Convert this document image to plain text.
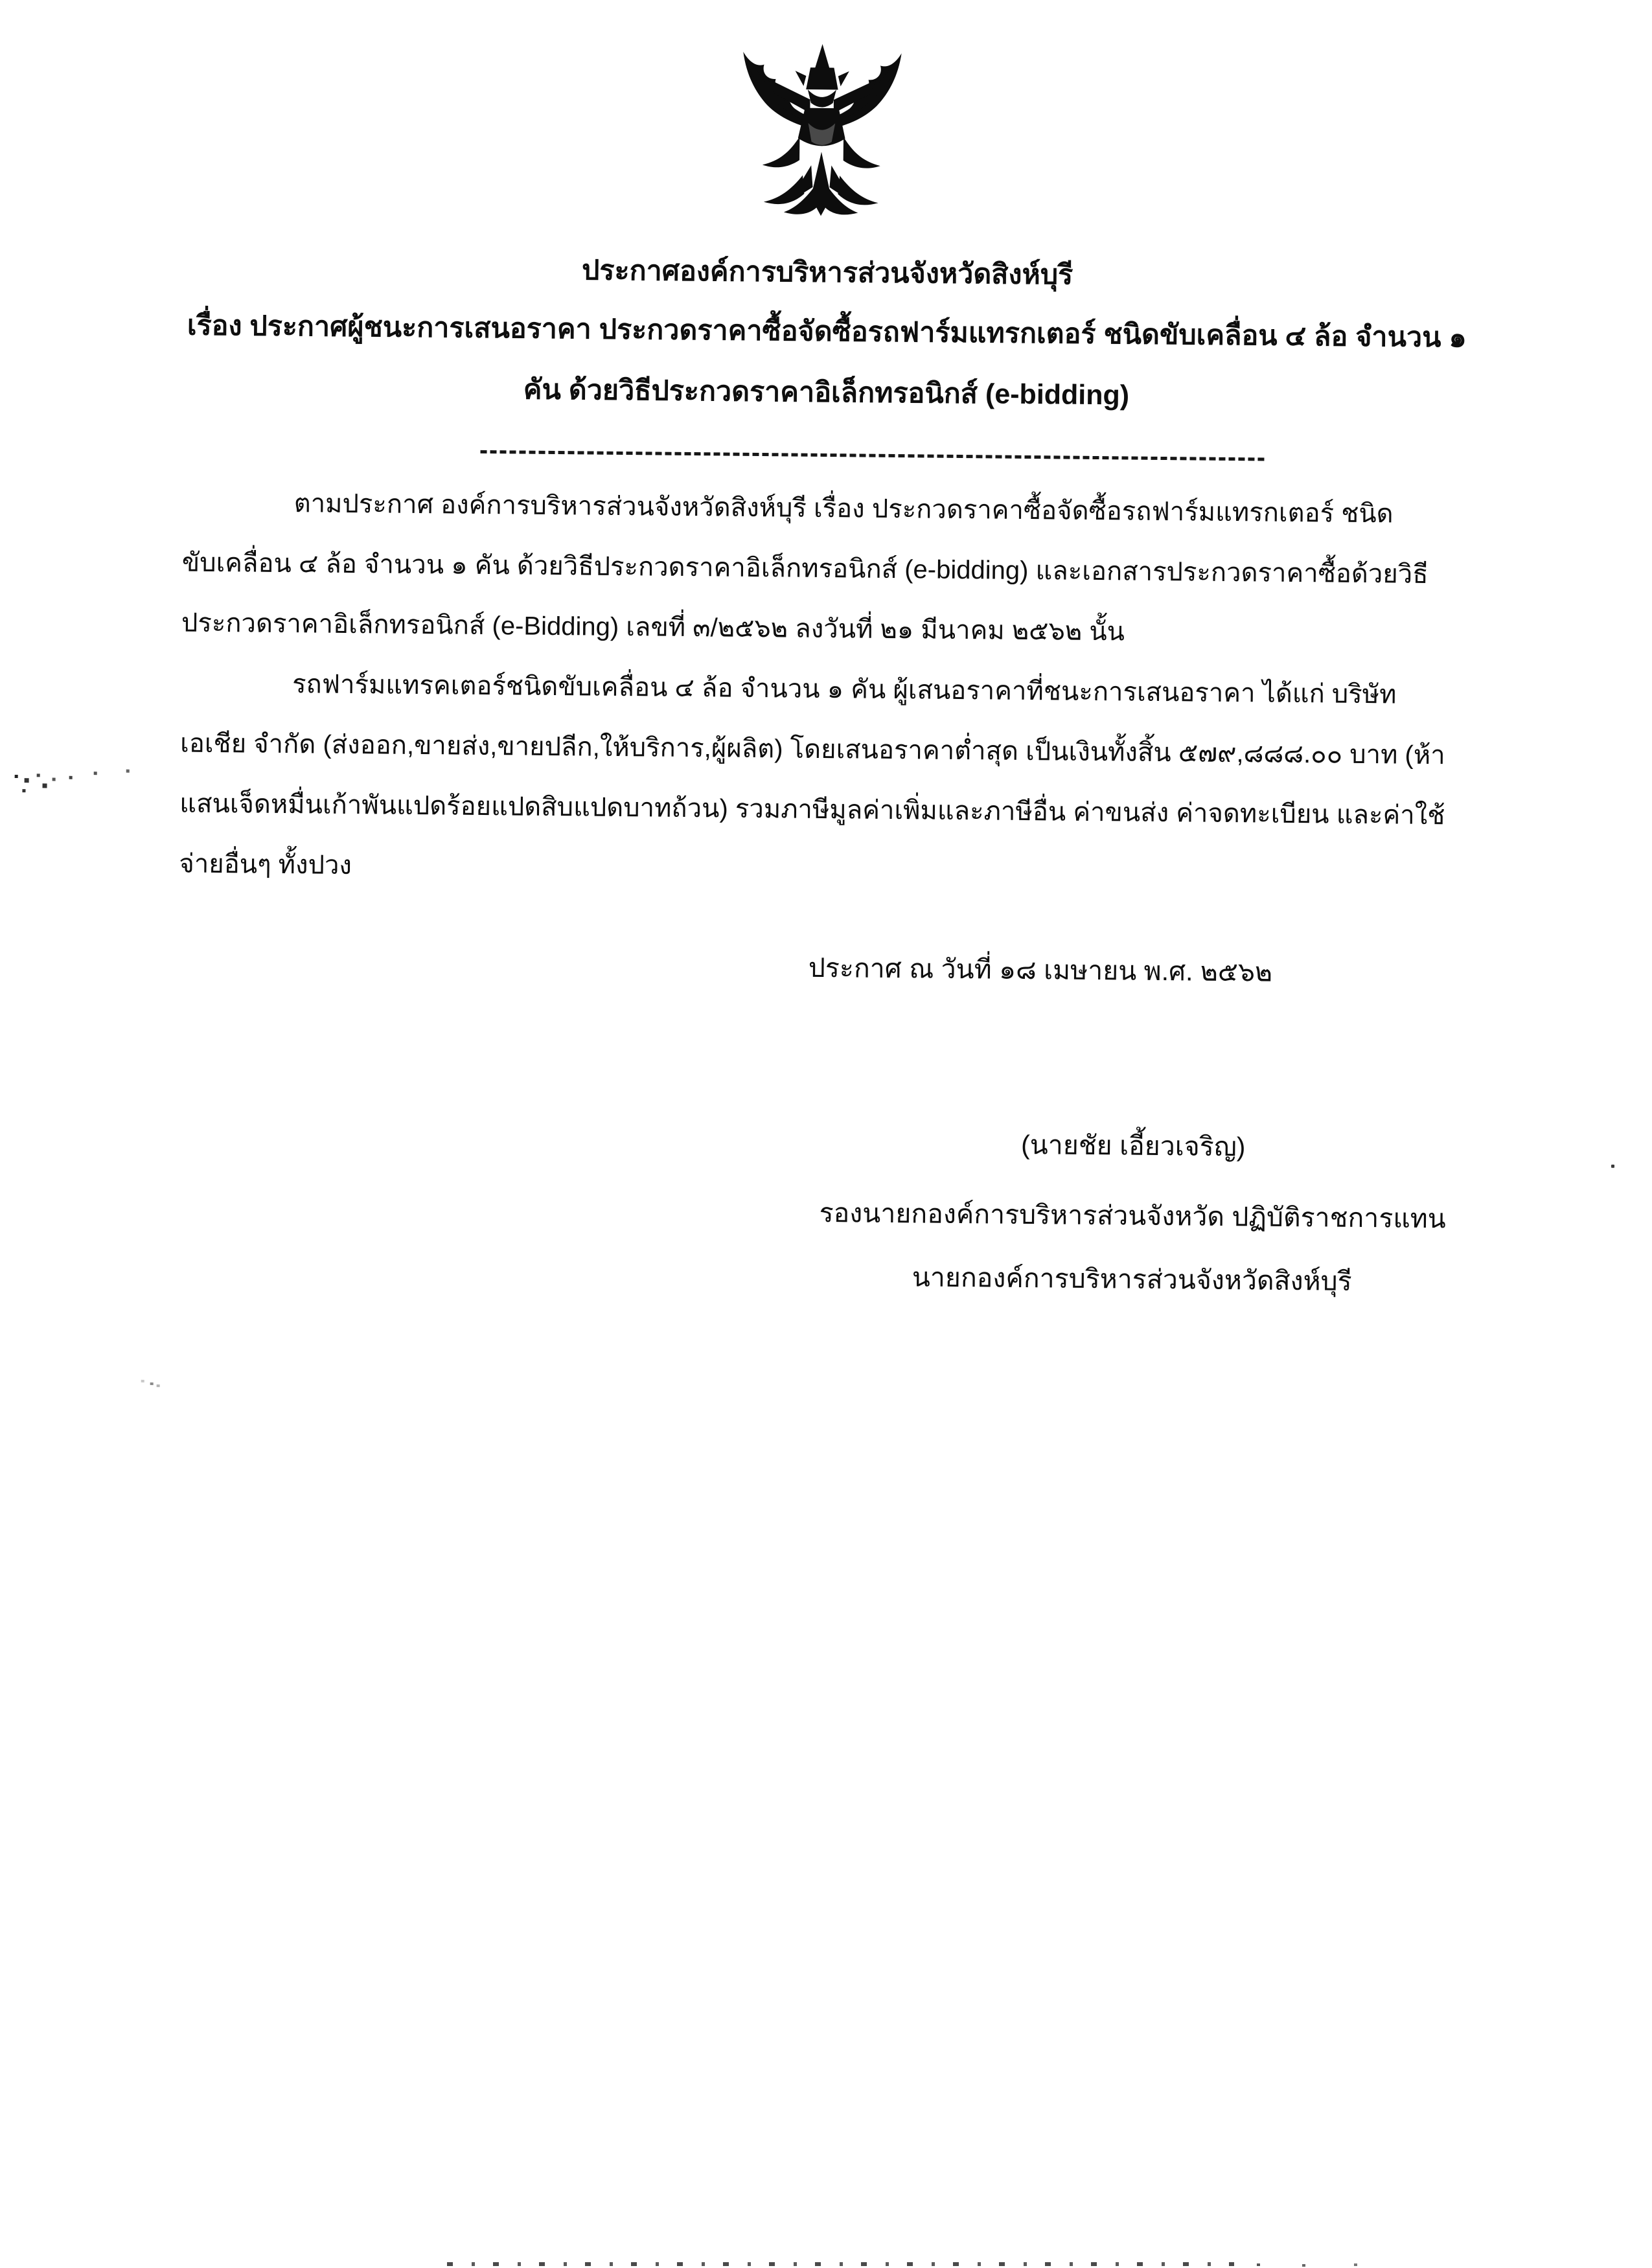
ประกาศองค์การบริหารส่วนจังหวัดสิงห์บุรี
เรื่อง ประกาศผู้ชนะการเสนอราคา ประกวดราคาซื้อจัดซื้อรถฟาร์มแทรกเตอร์ ชนิดขับเคลื่อน ๔ ล้อ จำนวน ๑
คัน ด้วยวิธีประกวดราคาอิเล็กทรอนิกส์ (e-bidding)
ตามประกาศ องค์การบริหารส่วนจังหวัดสิงห์บุรี เรื่อง ประกวดราคาซื้อจัดซื้อรถฟาร์มแทรกเตอร์ ชนิด
ขับเคลื่อน ๔ ล้อ จำนวน ๑ คัน ด้วยวิธีประกวดราคาอิเล็กทรอนิกส์ (e-bidding) และเอกสารประกวดราคาซื้อด้วยวิธี
ประกวดราคาอิเล็กทรอนิกส์ (e-Bidding) เลขที่ ๓/๒๕๖๒ ลงวันที่ ๒๑ มีนาคม ๒๕๖๒ นั้น
รถฟาร์มแทรคเตอร์ชนิดขับเคลื่อน ๔ ล้อ จำนวน ๑ คัน ผู้เสนอราคาที่ชนะการเสนอราคา ได้แก่ บริษัท
เอเชีย จำกัด (ส่งออก,ขายส่ง,ขายปลีก,ให้บริการ,ผู้ผลิต) โดยเสนอราคาต่ำสุด เป็นเงินทั้งสิ้น ๕๗๙,๘๘๘.๐๐ บาท (ห้า
แสนเจ็ดหมื่นเก้าพันแปดร้อยแปดสิบแปดบาทถ้วน) รวมภาษีมูลค่าเพิ่มและภาษีอื่น ค่าขนส่ง ค่าจดทะเบียน และค่าใช้
จ่ายอื่นๆ ทั้งปวง
ประกาศ ณ วันที่ ๑๘ เมษายน พ.ศ. ๒๕๖๒
(นายชัย เอี้ยวเจริญ)
รองนายกองค์การบริหารส่วนจังหวัด ปฏิบัติราชการแทน
นายกองค์การบริหารส่วนจังหวัดสิงห์บุรี
